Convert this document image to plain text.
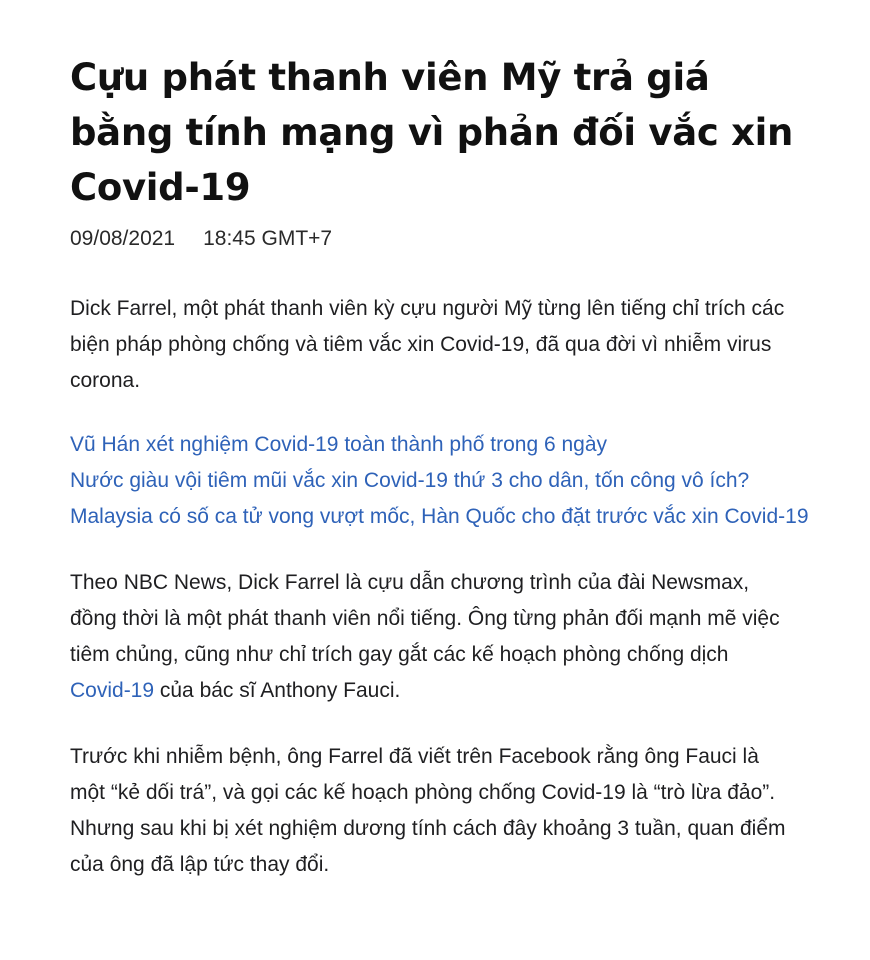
Cựu phát thanh viên Mỹ trả giá bằng tính mạng vì phản đối vắc xin Covid-19
09/08/2021 18:45 GMT+7

Dick Farrel, một phát thanh viên kỳ cựu người Mỹ từng lên tiếng chỉ trích các biện pháp phòng chống và tiêm vắc xin Covid-19, đã qua đời vì nhiễm virus corona.

Vũ Hán xét nghiệm Covid-19 toàn thành phố trong 6 ngày
Nước giàu vội tiêm mũi vắc xin Covid-19 thứ 3 cho dân, tốn công vô ích?
Malaysia có số ca tử vong vượt mốc, Hàn Quốc cho đặt trước vắc xin Covid-19

Theo NBC News, Dick Farrel là cựu dẫn chương trình của đài Newsmax, đồng thời là một phát thanh viên nổi tiếng. Ông từng phản đối mạnh mẽ việc tiêm chủng, cũng như chỉ trích gay gắt các kế hoạch phòng chống dịch Covid-19 của bác sĩ Anthony Fauci.

Trước khi nhiễm bệnh, ông Farrel đã viết trên Facebook rằng ông Fauci là một “kẻ dối trá”, và gọi các kế hoạch phòng chống Covid-19 là “trò lừa đảo”. Nhưng sau khi bị xét nghiệm dương tính cách đây khoảng 3 tuần, quan điểm của ông đã lập tức thay đổi.
